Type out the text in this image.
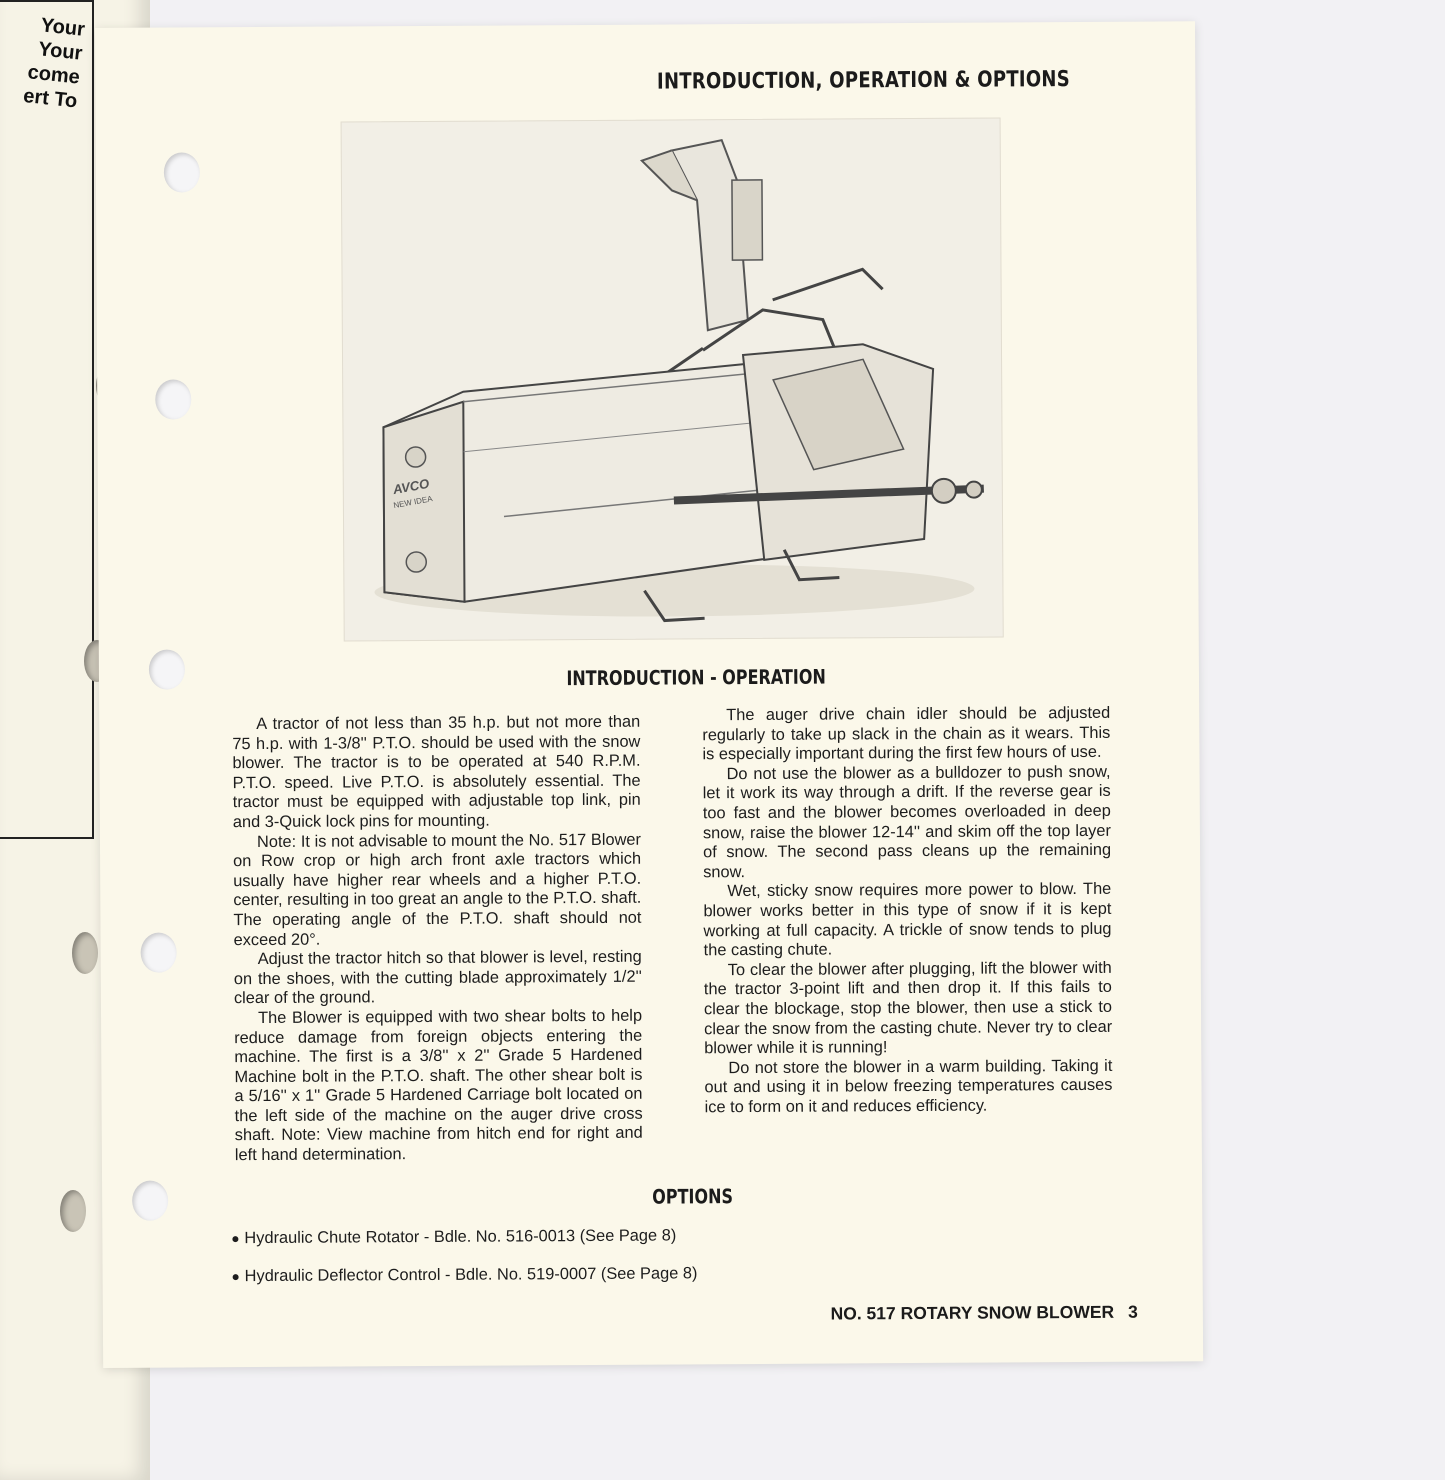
Your
Your
come
ert To
INTRODUCTION, OPERATION & OPTIONS
AVCO
NEW IDEA
INTRODUCTION - OPERATION

A tractor of not less than 35 h.p. but not more than 75 h.p. with 1-3/8'' P.T.O. should be used with the snow blower. The tractor is to be operated at 540 R.P.M. P.T.O. speed. Live P.T.O. is absolutely essential. The tractor must be equipped with adjustable top link, pin and 3-Quick lock pins for mounting.

Note: It is not advisable to mount the No. 517 Blower on Row crop or high arch front axle tractors which usually have higher rear wheels and a higher P.T.O. center, resulting in too great an angle to the P.T.O. shaft. The operating angle of the P.T.O. shaft should not exceed 20°.

Adjust the tractor hitch so that blower is level, resting on the shoes, with the cutting blade approximately 1/2'' clear of the ground.

The Blower is equipped with two shear bolts to help reduce damage from foreign objects entering the machine. The first is a 3/8'' x 2'' Grade 5 Hardened Machine bolt in the P.T.O. shaft. The other shear bolt is a 5/16'' x 1'' Grade 5 Hardened Carriage bolt located on the left side of the machine on the auger drive cross shaft. Note: View machine from hitch end for right and left hand determination.

The auger drive chain idler should be adjusted regularly to take up slack in the chain as it wears. This is especially important during the first few hours of use.

Do not use the blower as a bulldozer to push snow, let it work its way through a drift. If the reverse gear is too fast and the blower becomes overloaded in deep snow, raise the blower 12-14'' and skim off the top layer of snow. The second pass cleans up the remaining snow.

Wet, sticky snow requires more power to blow. The blower works better in this type of snow if it is kept working at full capacity. A trickle of snow tends to plug the casting chute.

To clear the blower after plugging, lift the blower with the tractor 3-point lift and then drop it. If this fails to clear the blockage, stop the blower, then use a stick to clear the snow from the casting chute. Never try to clear blower while it is running!

Do not store the blower in a warm building. Taking it out and using it in below freezing temperatures causes ice to form on it and reduces efficiency.

OPTIONS
Hydraulic Chute Rotator - Bdle. No. 516-0013 (See Page 8)
Hydraulic Deflector Control - Bdle. No. 519-0007 (See Page 8)
NO. 517 ROTARY SNOW BLOWER 3
